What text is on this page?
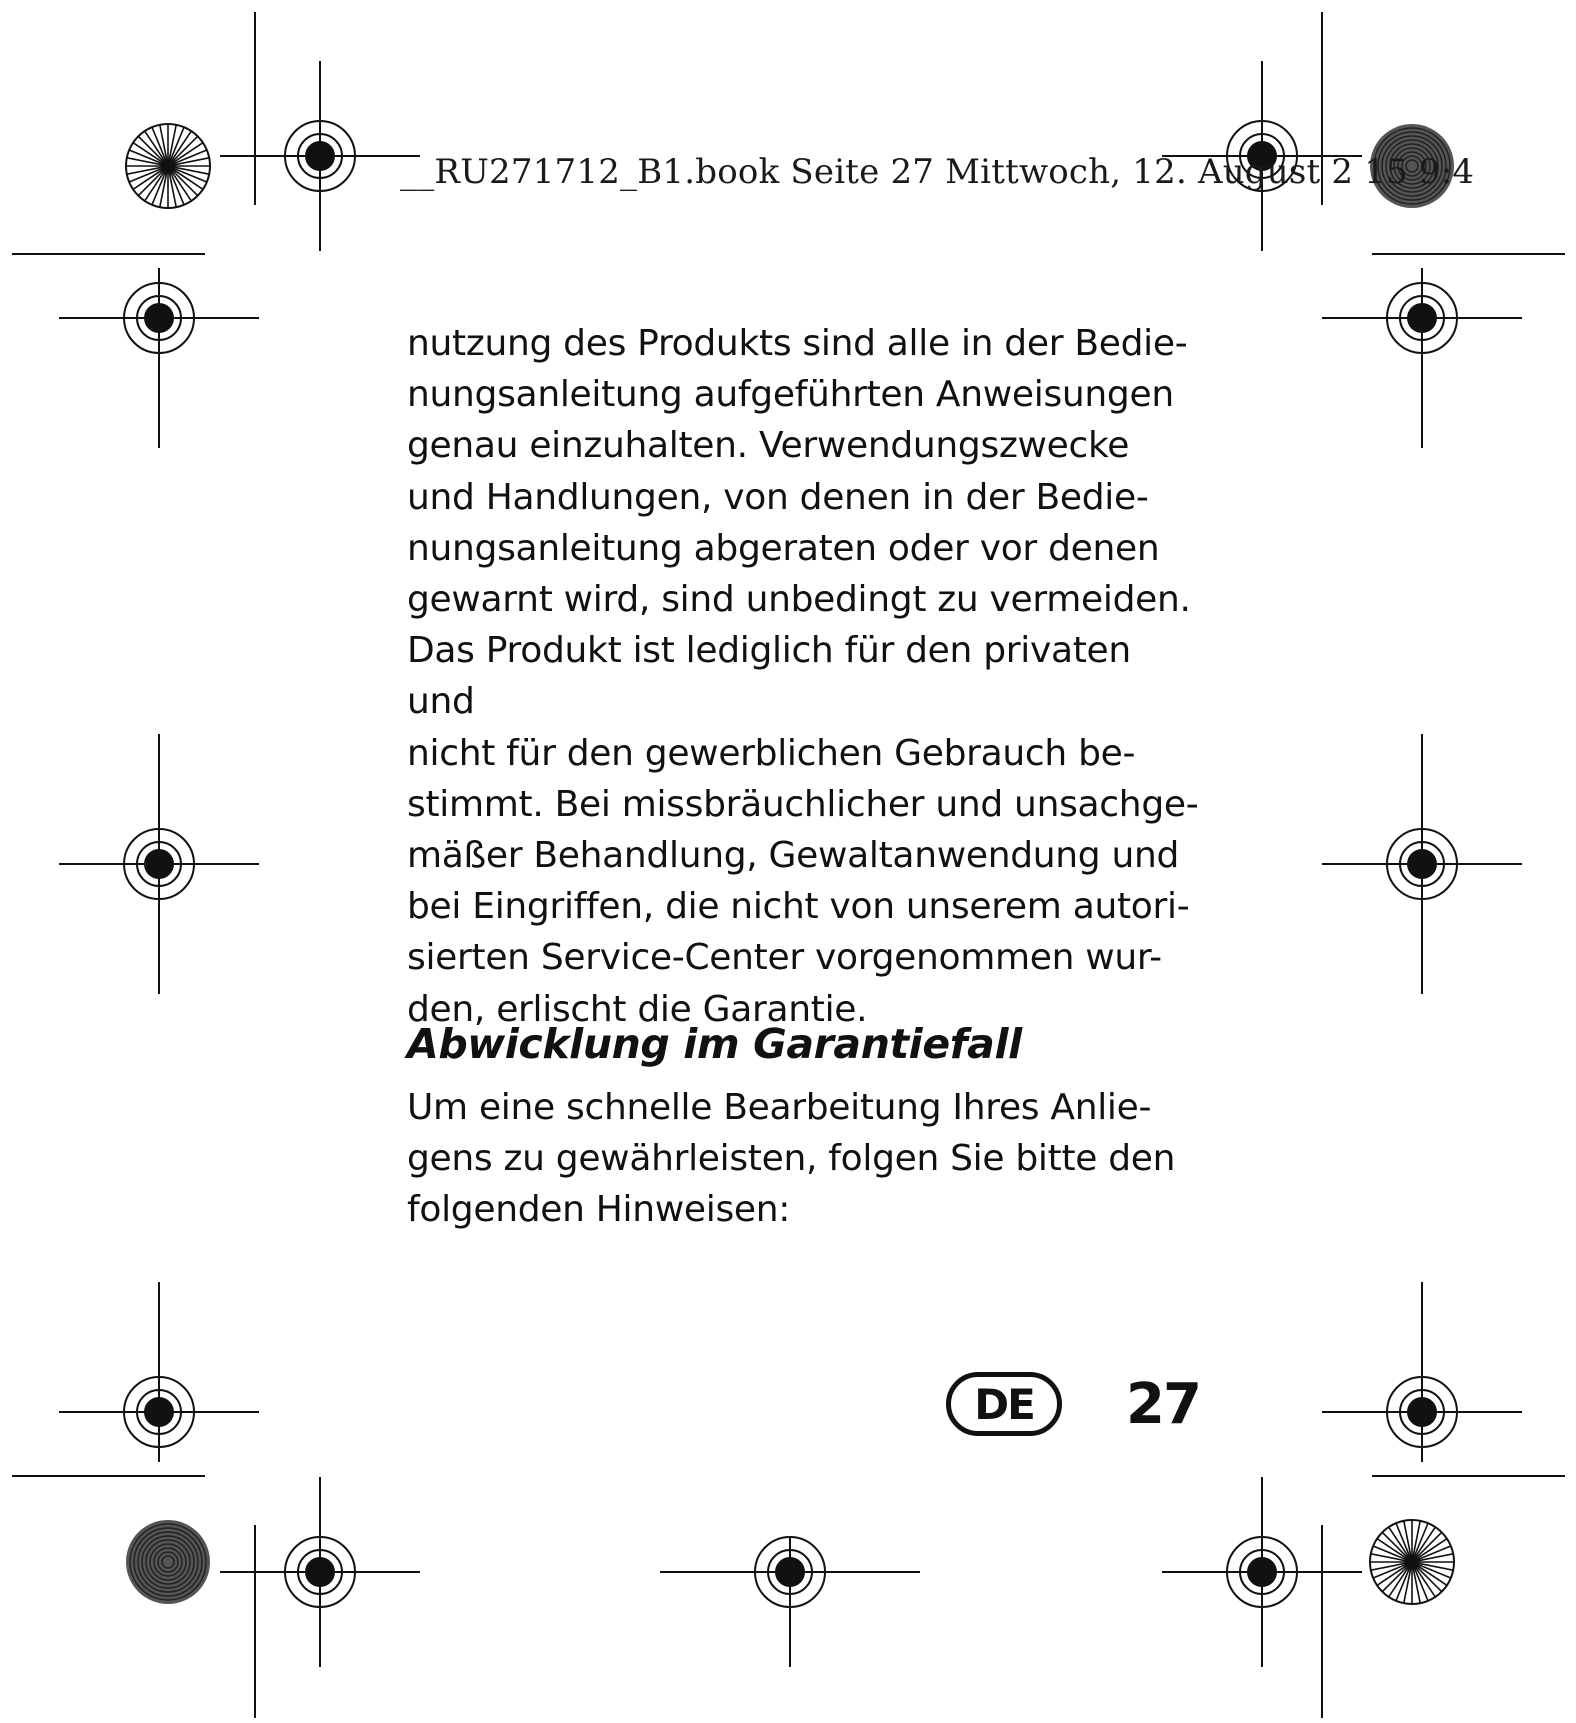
__RU271712_B1.book Seite 27 Mittwoch, 12. August 2 15 9:4

nutzung des Produkts sind alle in der Bedie-
nungsanleitung aufgeführten Anweisungen
genau einzuhalten. Verwendungszwecke
und Handlungen, von denen in der Bedie-
nungsanleitung abgeraten oder vor denen
gewarnt wird, sind unbedingt zu vermeiden.
Das Produkt ist lediglich für den privaten und
nicht für den gewerblichen Gebrauch be-
stimmt. Bei missbräuchlicher und unsachge-
mäßer Behandlung, Gewaltanwendung und
bei Eingriffen, die nicht von unserem autori-
sierten Service-Center vorgenommen wur-
den, erlischt die Garantie.

Abwicklung im Garantiefall

Um eine schnelle Bearbeitung Ihres Anlie-
gens zu gewährleisten, folgen Sie bitte den
folgenden Hinweisen:

DE	27
